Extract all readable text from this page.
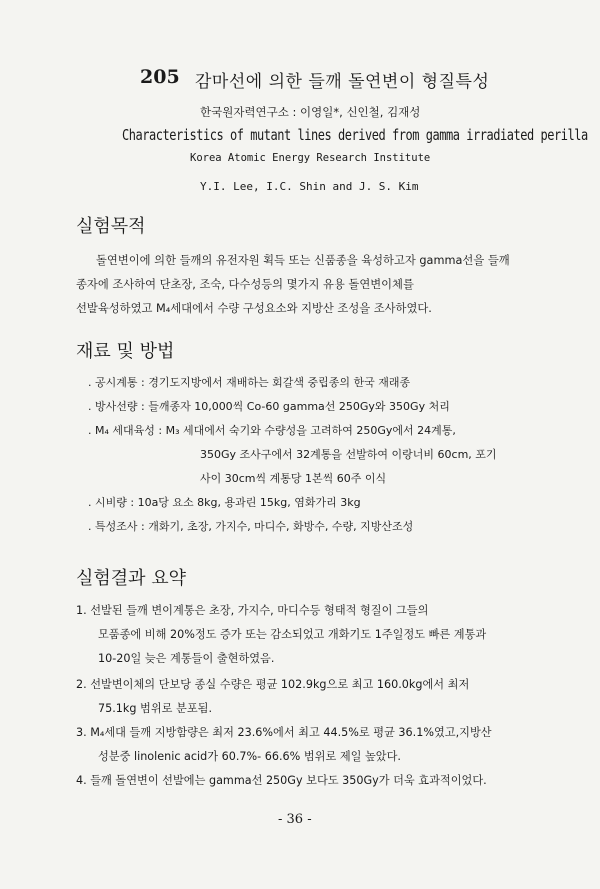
205 감마선에 의한 들깨 돌연변이 형질특성
한국원자력연구소 : 이영일*, 신인철, 김재성
Characteristics of mutant lines derived from gamma irradiated perilla
Korea Atomic Energy Research Institute
Y.I. Lee, I.C. Shin and J. S. Kim
실험목적
돌연변이에 의한 들깨의 유전자원 획득 또는 신품종을 육성하고자 gamma선을 들깨
종자에 조사하여 단초장, 조숙, 다수성등의 몇가지 유용 돌연변이체를
선발육성하였고 M₄세대에서 수량 구성요소와 지방산 조성을 조사하였다.
재료 및 방법
. 공시계통 : 경기도지방에서 재배하는 회갈색 중립종의 한국 재래종
. 방사선량 : 들깨종자 10,000씩 Co-60 gamma선 250Gy와 350Gy 처리
. M₄ 세대육성 : M₃ 세대에서 숙기와 수량성을 고려하여 250Gy에서 24계통,
350Gy 조사구에서 32계통을 선발하여 이랑너비 60cm, 포기
사이 30cm씩 계통당 1본씩 60주 이식
. 시비량 : 10a당 요소 8kg, 용과린 15kg, 염화가리 3kg
. 특성조사 : 개화기, 초장, 가지수, 마디수, 화방수, 수량, 지방산조성
실험결과 요약
1. 선발된 들깨 변이계통은 초장, 가지수, 마디수등 형태적 형질이 그들의
모품종에 비해 20%정도 증가 또는 감소되었고 개화기도 1주일정도 빠른 계통과
10-20일 늦은 계통들이 출현하였음.
2. 선발변이체의 단보당 종실 수량은 평균 102.9kg으로 최고 160.0kg에서 최저
75.1kg 범위로 분포됨.
3. M₄세대 들깨 지방함량은 최저 23.6%에서 최고 44.5%로 평균 36.1%였고,지방산
성분중 linolenic acid가 60.7%- 66.6% 범위로 제일 높았다.
4. 들깨 돌연변이 선발에는 gamma선 250Gy 보다도 350Gy가 더욱 효과적이었다.
- 36 -
